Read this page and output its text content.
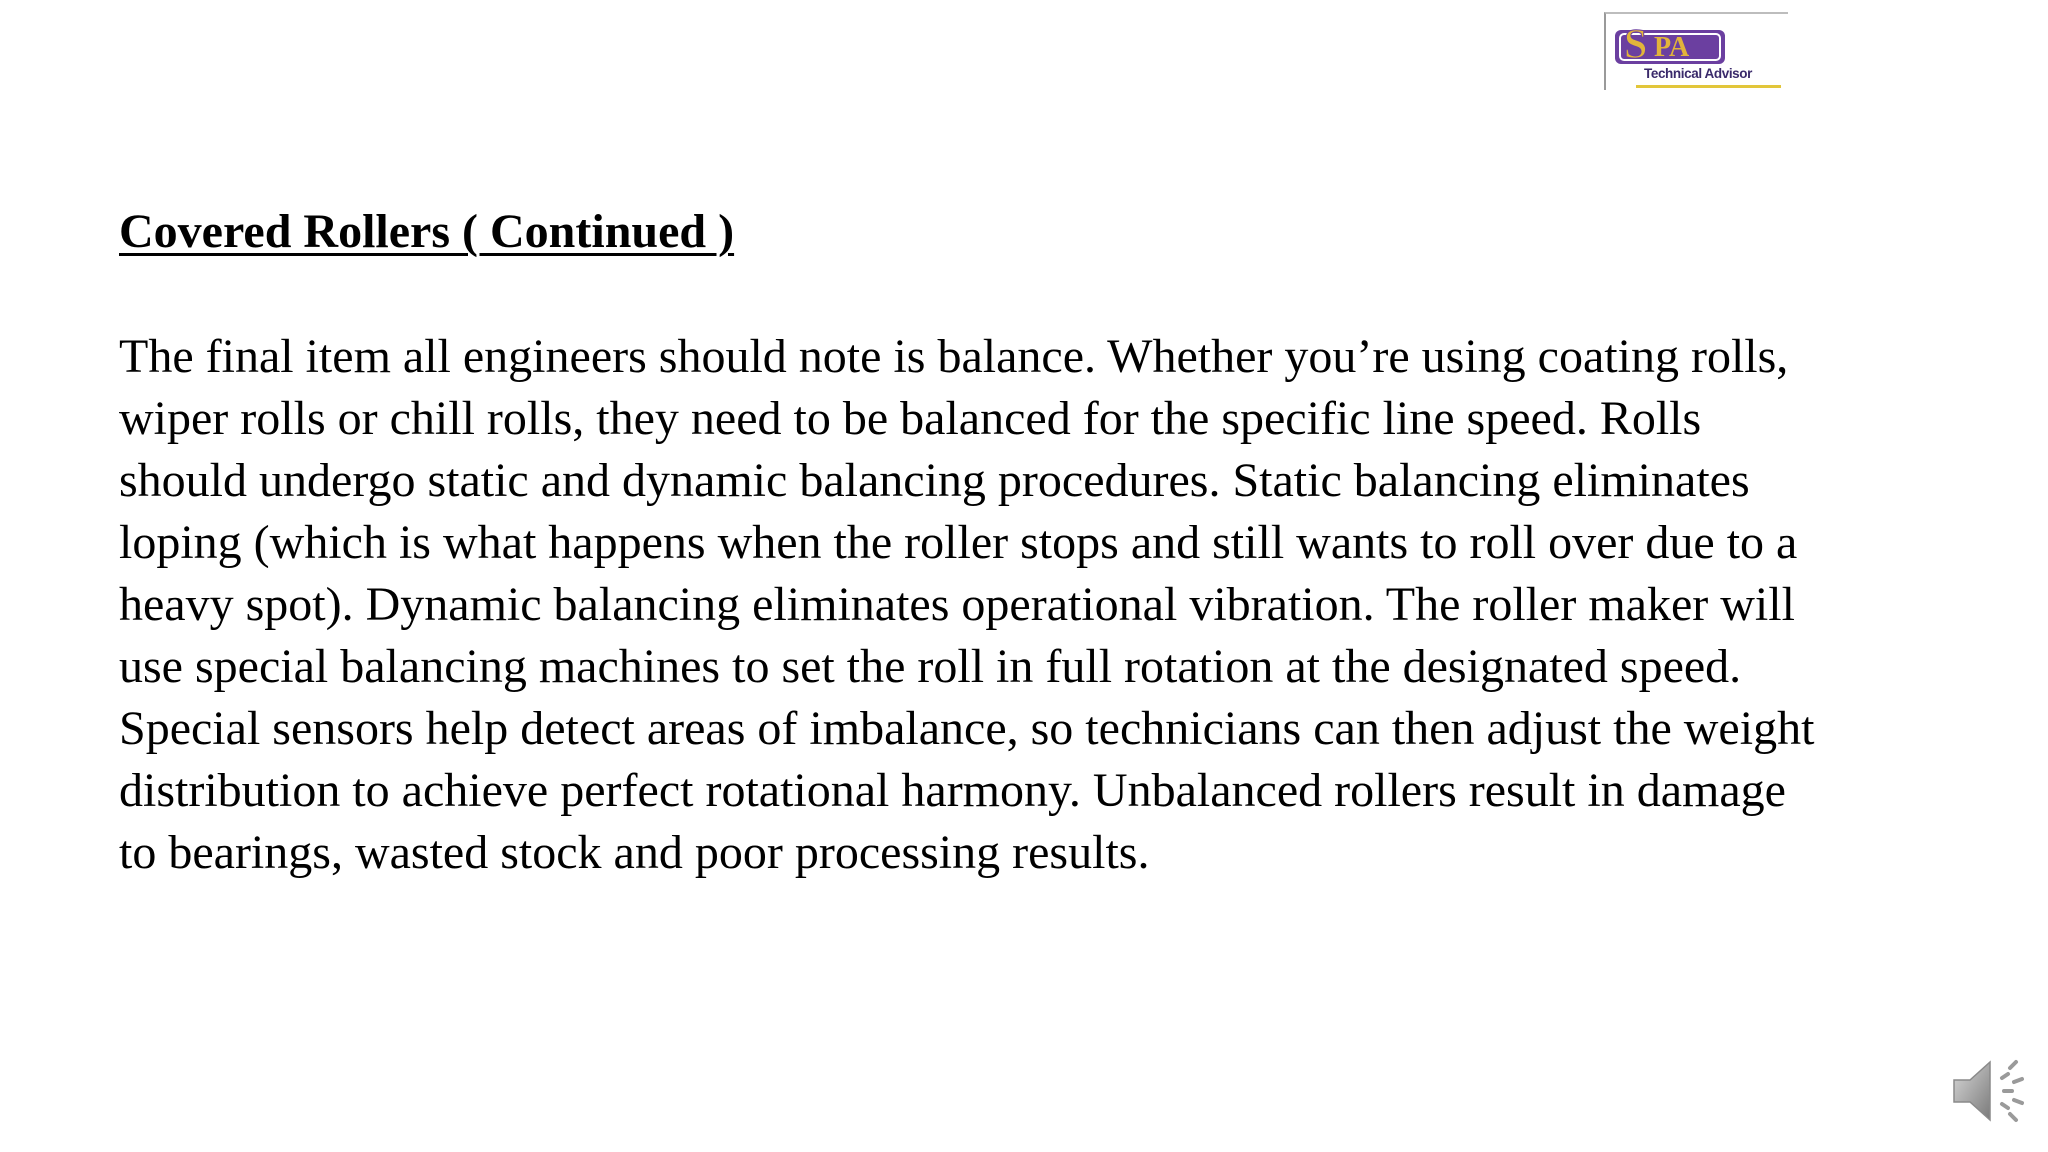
S PA
Technical Advisor
Covered Rollers ( Continued )
The final item all engineers should note is balance. Whether you’re using coating rolls,
wiper rolls or chill rolls, they need to be balanced for the specific line speed. Rolls
should undergo static and dynamic balancing procedures. Static balancing eliminates
loping (which is what happens when the roller stops and still wants to roll over due to a
heavy spot). Dynamic balancing eliminates operational vibration. The roller maker will
use special balancing machines to set the roll in full rotation at the designated speed.
Special sensors help detect areas of imbalance, so technicians can then adjust the weight
distribution to achieve perfect rotational harmony. Unbalanced rollers result in damage
to bearings, wasted stock and poor processing results.
